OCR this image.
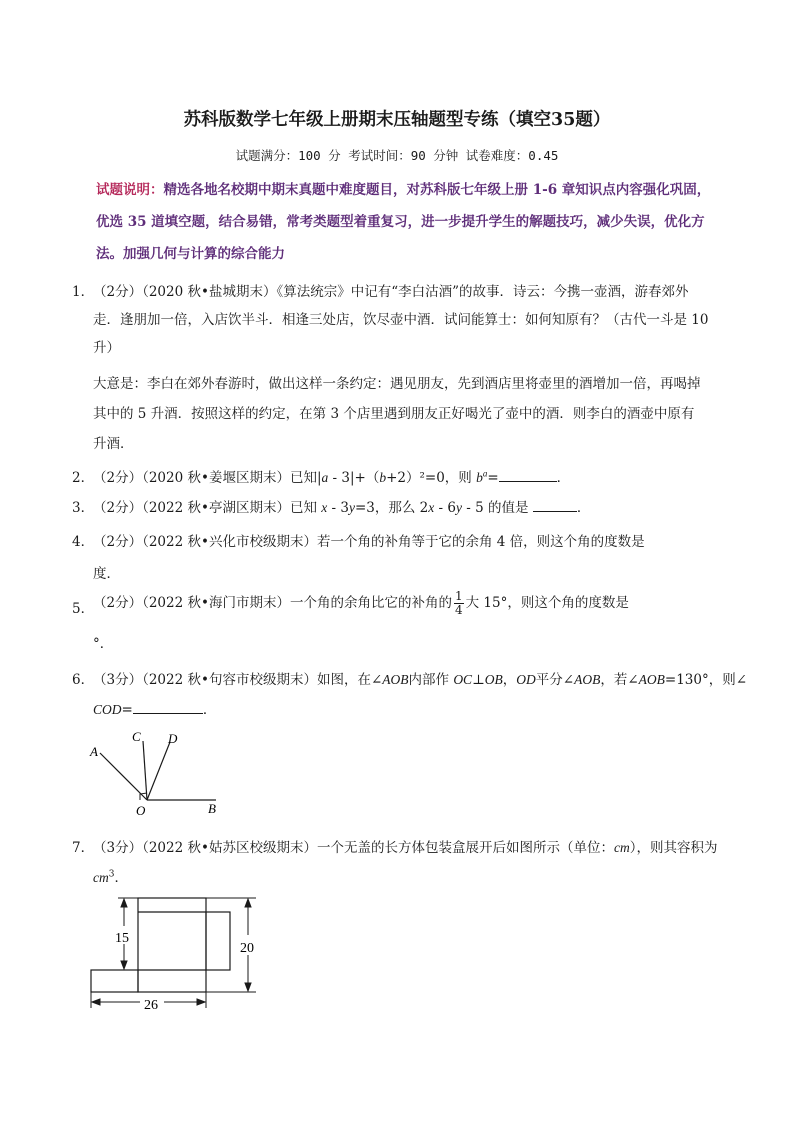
苏科版数学七年级上册期末压轴题型专练（填空35题）
试题满分：100 分 考试时间：90 分钟 试卷难度：0.45
试题说明：精选各地名校期中期末真题中难度题目，对苏科版七年级上册 1-6 章知识点内容强化巩固，
优选 35 道填空题，结合易错，常考类题型着重复习，进一步提升学生的解题技巧，减少失误，优化方
法。加强几何与计算的综合能力
1．
（2分）（2020 秋•盐城期末）《算法统宗》中记有“李白沽酒”的故事．诗云：今携一壶酒，游春郊外
走．逢朋加一倍，入店饮半斗．相逢三处店，饮尽壶中酒．试问能算士：如何知原有？（古代一斗是 10
升）
大意是：李白在郊外春游时，做出这样一条约定：遇见朋友，先到酒店里将壶里的酒增加一倍，再喝掉
其中的 5 升酒．按照这样的约定，在第 3 个店里遇到朋友正好喝光了壶中的酒．则李白的酒壶中原有
升酒．
2．
（2分）（2020 秋•姜堰区期末）已知|a - 3|+（b+2）²=0，则 $b^a=$	．
3．
（2分）（2022 秋•亭湖区期末）已知 x - 3y=3，那么 2x - 6y - 5 的值是	．
4．
（2分）（2022 秋•兴化市校级期末）若一个角的补角等于它的余角 4 倍，则这个角的度数是
度．
5．
（2分）（2022 秋•海门市期末）一个角的余角比它的补角的 $\frac{1}{4}$ 大 15°，则这个角的度数是
°．
6．
（3分）（2022 秋•句容市校级期末）如图，在∠AOB内部作 OC⊥OB，OD平分∠AOB，若∠AOB=130°，则∠
COD=	．
A
C D
O	B
7．
（3分）（2022 秋•姑苏区校级期末）一个无盖的长方体包装盒展开后如图所示（单位：cm），则其容积为
$cm^3$．
15
20
26
